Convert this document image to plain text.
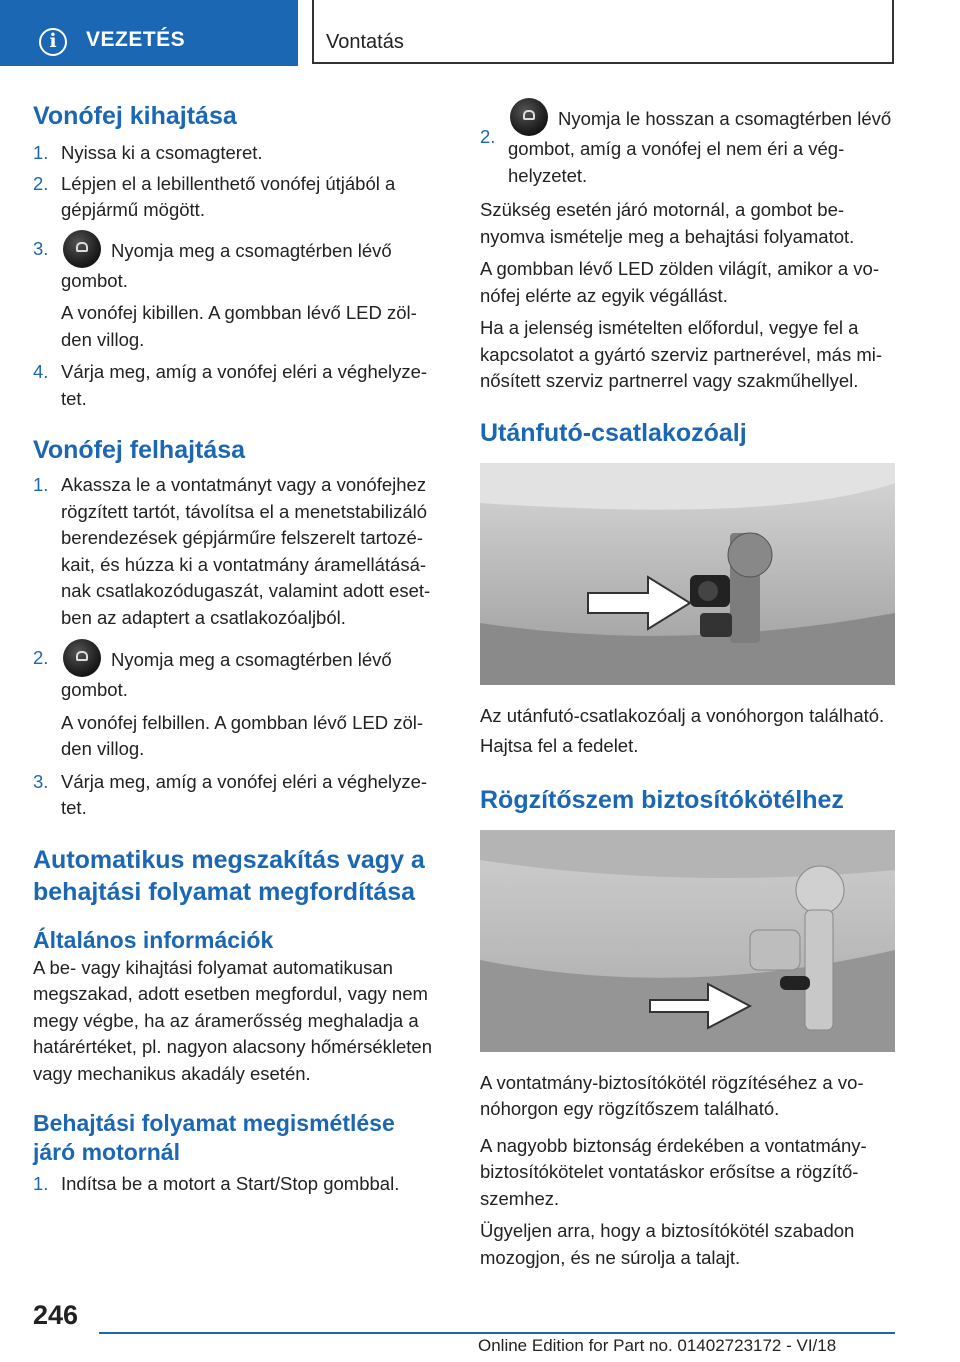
i	VEZETÉS	Vontatás
Vonófej kihajtása
1. Nyissa ki a csomagteret.
2. Lépjen el a lebillenthető vonófej útjából a gépjármű mögött.
3.	Nyomja meg a csomagtérben lévő gombot.
A vonófej kibillen. A gombban lévő LED zöl-den villog.
4. Várja meg, amíg a vonófej eléri a véghelyze-tet.
Vonófej felhajtása
1. Akassza le a vontatmányt vagy a vonófejhez rögzített tartót, távolítsa el a menetstabilizáló berendezések gépjárműre felszerelt tartozé-kait, és húzza ki a vontatmány áramellátásá-nak csatlakozódugaszát, valamint adott eset-ben az adaptert a csatlakozóaljból.
2.	Nyomja meg a csomagtérben lévő gombot.
A vonófej felbillen. A gombban lévő LED zöl-den villog.
3. Várja meg, amíg a vonófej eléri a véghelyze-tet.
Automatikus megszakítás vagy a behajtási folyamat megfordítása
Általános információk

A be- vagy kihajtási folyamat automatikusan megszakad, adott esetben megfordul, vagy nem megy végbe, ha az áramerősség meghaladja a határértéket, pl. nagyon alacsony hőmérsékleten vagy mechanikus akadály esetén.

Behajtási folyamat megismétlése járó motornál
1. Indítsa be a motort a Start/Stop gombbal.
2.
Nyomja le hosszan a csomagtérben lévő gombot, amíg a vonófej el nem éri a vég-helyzetet.

Szükség esetén járó motornál, a gombot be-nyomva ismételje meg a behajtási folyamatot.

A gombban lévő LED zölden világít, amikor a vo-nófej elérte az egyik végállást.

Ha a jelenség ismételten előfordul, vegye fel a kapcsolatot a gyártó szerviz partnerével, más mi-nősített szerviz partnerrel vagy szakműhellyel.

Utánfutó-csatlakozóalj

Az utánfutó-csatlakozóalj a vonóhorgon található.

Hajtsa fel a fedelet.

Rögzítőszem biztosítókötélhez

A vontatmány-biztosítókötél rögzítéséhez a vo-nóhorgon egy rögzítőszem található.

A nagyobb biztonság érdekében a vontatmány-biztosítókötelet vontatáskor erősítse a rögzítő-szemhez.

Ügyeljen arra, hogy a biztosítókötél szabadon mozogjon, és ne súrolja a talajt.

246
Online Edition for Part no. 01402723172 - VI/18
